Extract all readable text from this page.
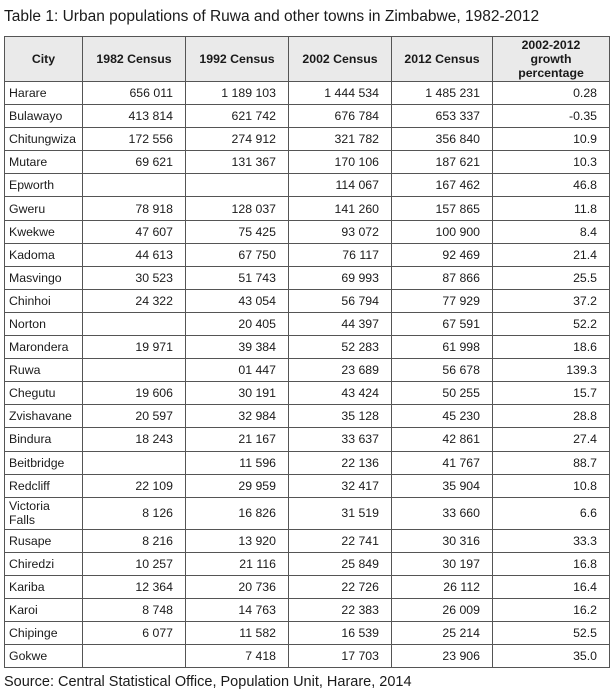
Table 1: Urban populations of Ruwa and other towns in Zimbabwe, 1982-2012
City	1982 Census	1992 Census	2002 Census	2012 Census	2002-2012 growth percentage
Harare	656 011	1 189 103	1 444 534	1 485 231	0.28
Bulawayo	413 814	621 742	676 784	653 337	-0.35
Chitungwiza	172 556	274 912	321 782	356 840	10.9
Mutare	69 621	131 367	170 106	187 621	10.3
Epworth			114 067	167 462	46.8
Gweru	78 918	128 037	141 260	157 865	11.8
Kwekwe	47 607	75 425	93 072	100 900	8.4
Kadoma	44 613	67 750	76 117	92 469	21.4
Masvingo	30 523	51 743	69 993	87 866	25.5
Chinhoi	24 322	43 054	56 794	77 929	37.2
Norton		20 405	44 397	67 591	52.2
Marondera	19 971	39 384	52 283	61 998	18.6
Ruwa		01 447	23 689	56 678	139.3
Chegutu	19 606	30 191	43 424	50 255	15.7
Zvishavane	20 597	32 984	35 128	45 230	28.8
Bindura	18 243	21 167	33 637	42 861	27.4
Beitbridge		11 596	22 136	41 767	88.7
Redcliff	22 109	29 959	32 417	35 904	10.8
Victoria Falls	8 126	16 826	31 519	33 660	6.6
Rusape	8 216	13 920	22 741	30 316	33.3
Chiredzi	10 257	21 116	25 849	30 197	16.8
Kariba	12 364	20 736	22 726	26 112	16.4
Karoi	8 748	14 763	22 383	26 009	16.2
Chipinge	6 077	11 582	16 539	25 214	52.5
Gokwe		7 418	17 703	23 906	35.0
Source: Central Statistical Office, Population Unit, Harare, 2014
